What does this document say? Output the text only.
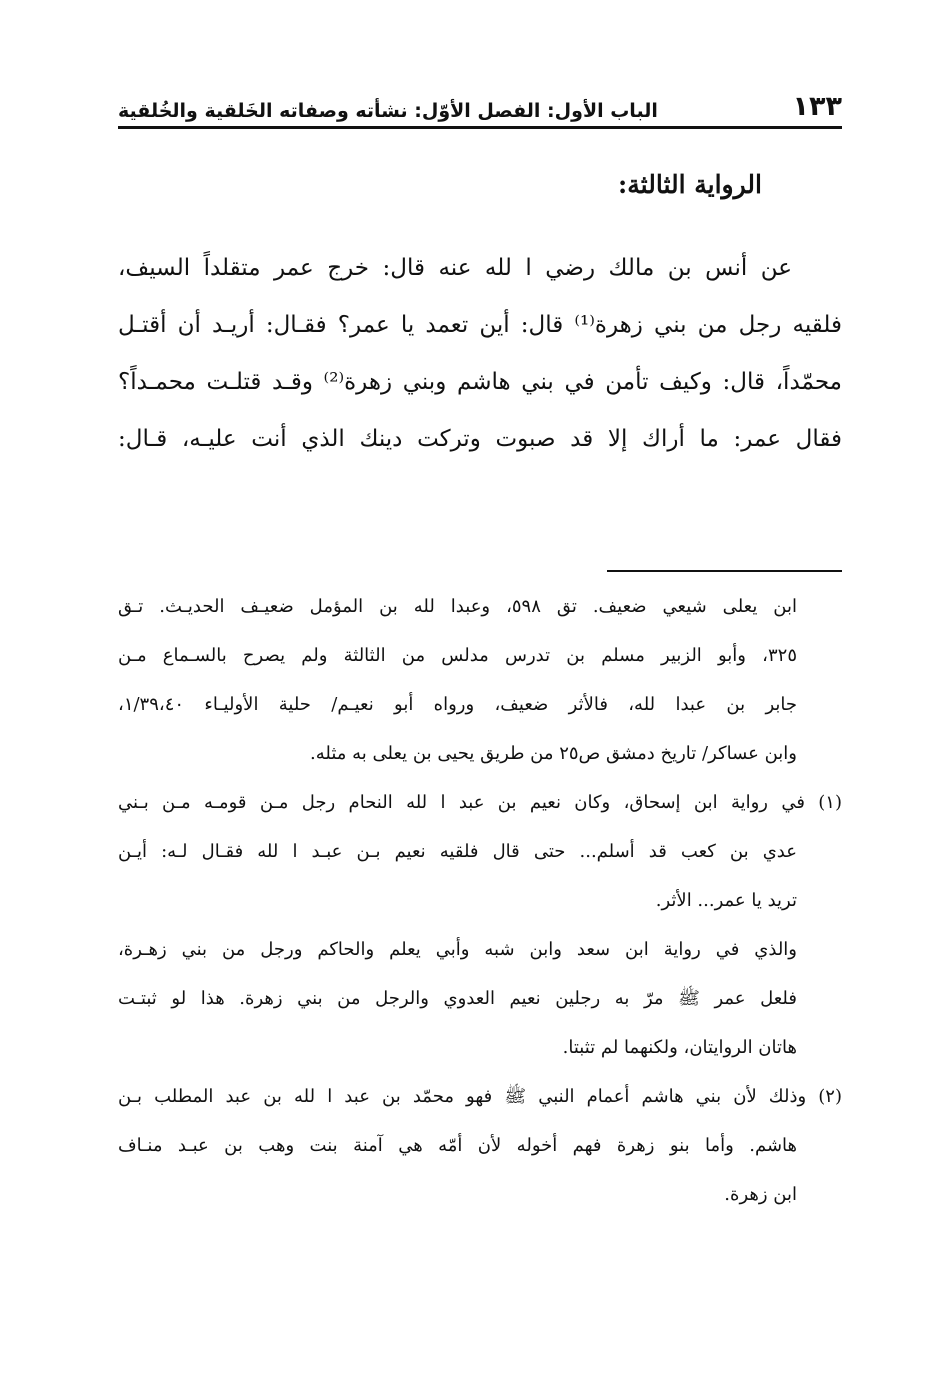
١٣٣
الباب الأول: الفصل الأوّل: نشأته وصفاته الخَلقية والخُلقية
الرواية الثالثة:
عن أنس بن مالك رضي ا لله عنه قال: خرج عمر متقلداً السيف،
فلقيه رجل من بني زهرة⁽¹⁾ قال: أين تعمد يا عمر؟ فقـال: أريـد أن أقتـل
محمّداً، قال: وكيف تأمن في بني هاشم وبني زهرة⁽²⁾ وقـد قتلـت محمـداً؟
فقال عمر: ما أراك إلا قد صبوت وتركت دينك الذي أنت عليـه، قـال:
ابن يعلى شيعي ضعيف. تق ٥٩٨، وعبدا لله بن المؤمل ضعيـف الحديـث. تـق
٣٢٥، وأبو الزبير مسلم بن تدرس مدلس من الثالثة ولم يصرح بالسـماع مـن
جابر بن عبدا لله، فالأثر ضعيف، ورواه أبو نعيـم/ حلية الأوليـاء ١/٣٩،٤٠،
وابن عساكر/ تاريخ دمشق ص٢٥ من طريق يحيى بن يعلى به مثله.
(١) في رواية ابن إسحاق، وكان نعيم بن عبد ا لله النحام رجل مـن قومـه مـن بـني
عدي بن كعب قد أسلم... حتى قال فلقيه نعيم بـن عبـد ا لله فقـال لـه: أيـن
تريد يا عمر... الأثر.
والذي في رواية ابن سعد وابن شبه وأبي يعلم والحاكم ورجل من بني زهـرة،
فلعل عمر ﷺ مرّ به رجلين نعيم العدوي والرجل من بني زهرة. هذا لو ثبتـت
هاتان الروايتان، ولكنهما لم تثبتا.
(٢) وذلك لأن بني هاشم أعمام النبي ﷺ فهو محمّد بن عبد ا لله بن عبد المطلب بـن
هاشم. وأما بنو زهرة فهم أخوله لأن أمّه هي آمنة بنت وهب بن عبـد منـاف
ابن زهرة.
